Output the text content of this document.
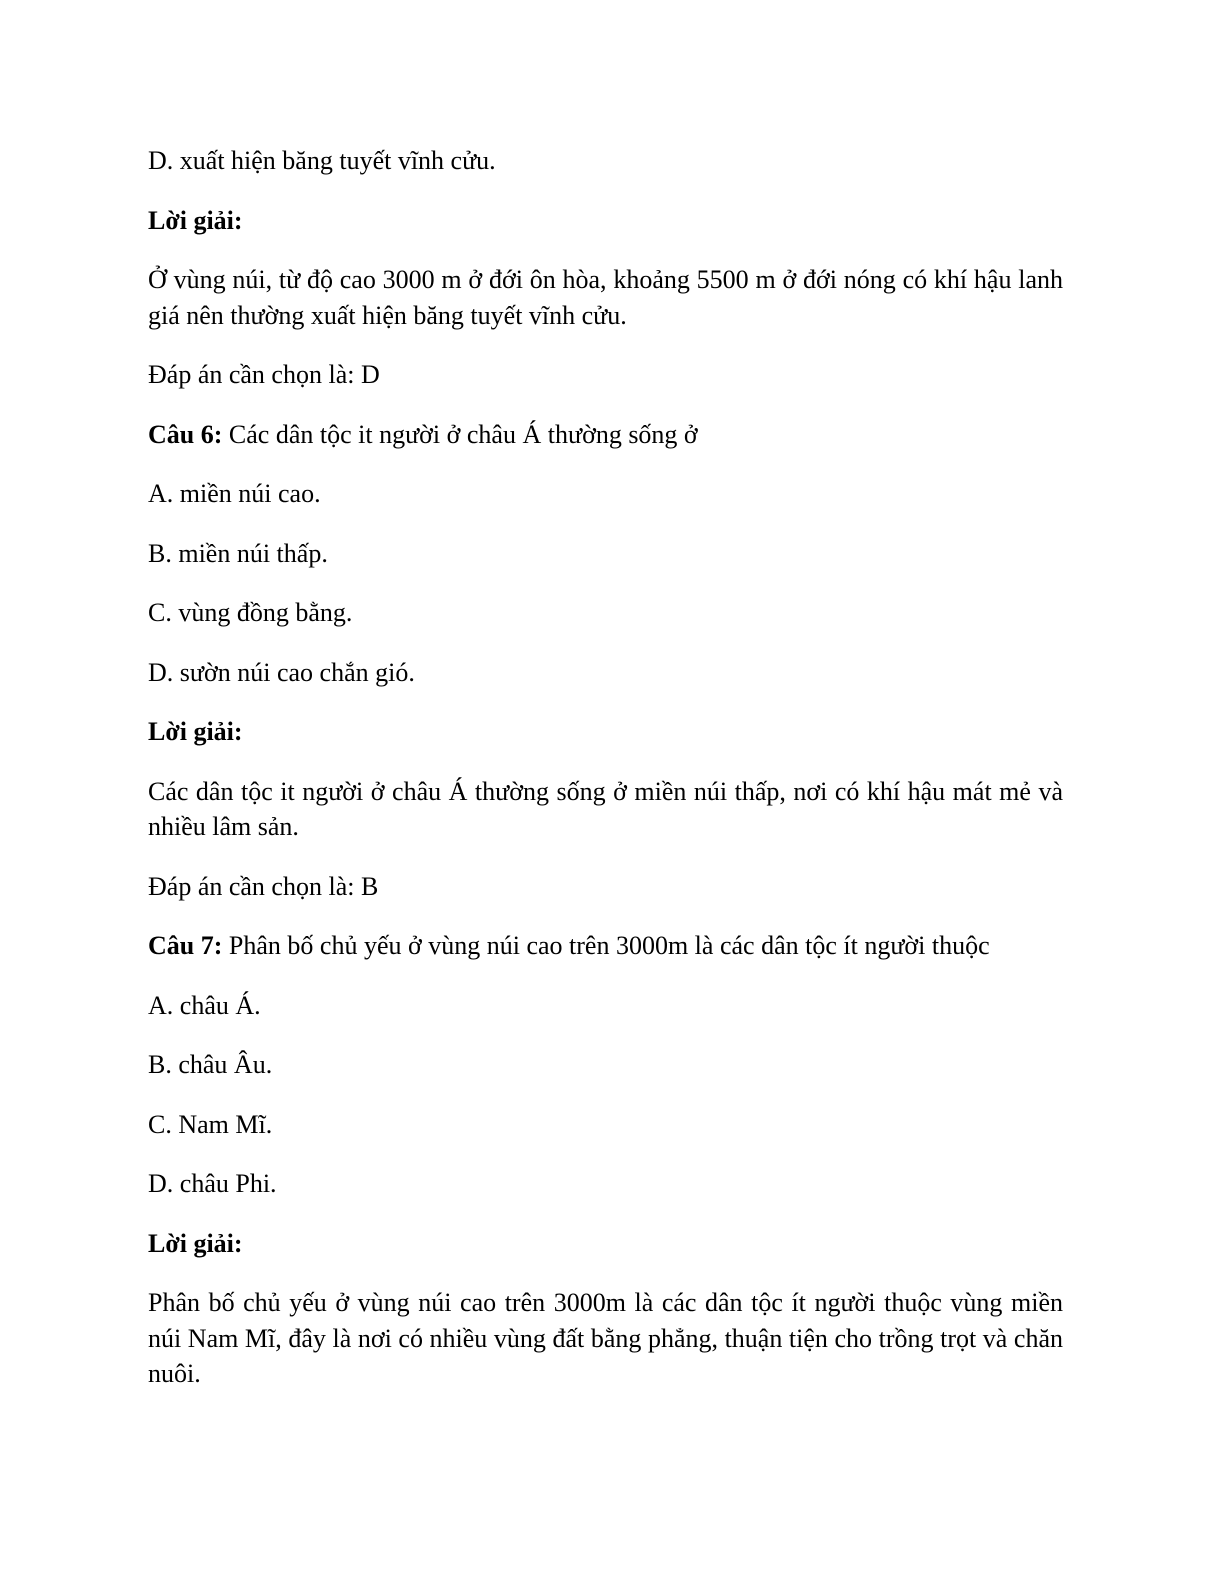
D. xuất hiện băng tuyết vĩnh cửu.

Lời giải:

Ở vùng núi, từ độ cao 3000 m ở đới ôn hòa, khoảng 5500 m ở đới nóng có khí hậu lanh giá nên thường xuất hiện băng tuyết vĩnh cửu.

Đáp án cần chọn là: D

Câu 6: Các dân tộc it người ở châu Á thường sống ở

A. miền núi cao.

B. miền núi thấp.

C. vùng đồng bằng.

D. sườn núi cao chắn gió.

Lời giải:

Các dân tộc it người ở châu Á thường sống ở miền núi thấp, nơi có khí hậu mát mẻ và nhiều lâm sản.

Đáp án cần chọn là: B

Câu 7: Phân bố chủ yếu ở vùng núi cao trên 3000m là các dân tộc ít người thuộc

A. châu Á.

B. châu Âu.

C. Nam Mĩ.

D. châu Phi.

Lời giải:

Phân bố chủ yếu ở vùng núi cao trên 3000m là các dân tộc ít người thuộc vùng miền núi Nam Mĩ, đây là nơi có nhiều vùng đất bằng phẳng, thuận tiện cho trồng trọt và chăn nuôi.
